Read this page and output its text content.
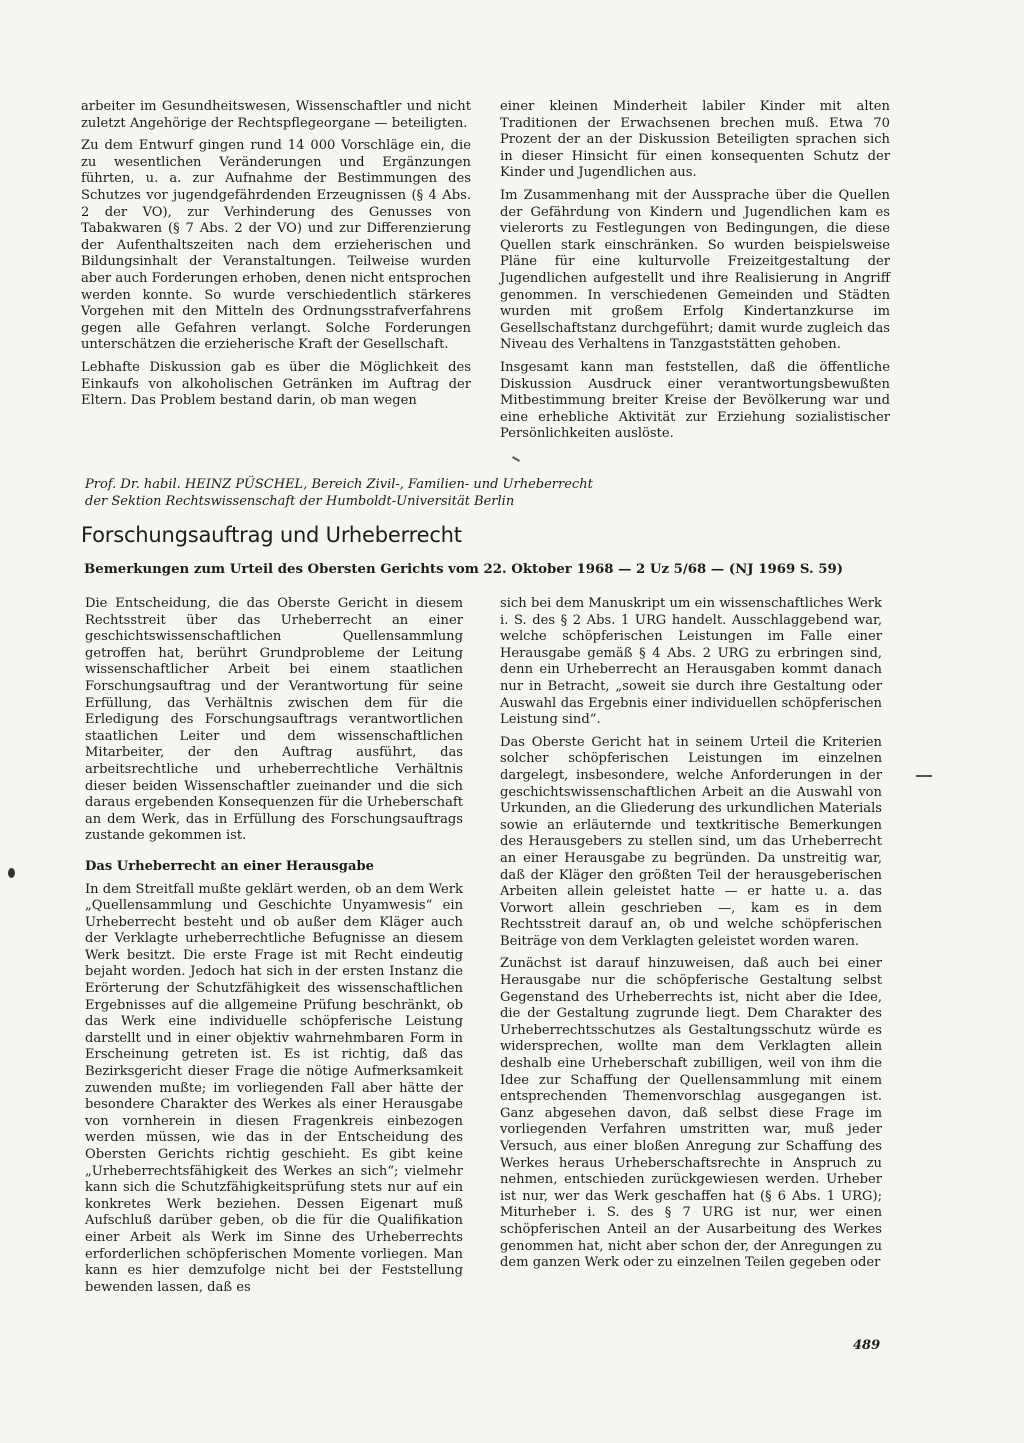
arbeiter im Gesundheitswesen, Wissenschaftler und nicht zuletzt Angehörige der Rechtspflegeorgane — beteiligten.

Zu dem Entwurf gingen rund 14 000 Vorschläge ein, die zu wesentlichen Veränderungen und Ergänzungen führten, u. a. zur Aufnahme der Bestimmungen des Schutzes vor jugendgefährdenden Erzeugnissen (§ 4 Abs. 2 der VO), zur Verhinderung des Genusses von Tabakwaren (§ 7 Abs. 2 der VO) und zur Differenzierung der Aufenthaltszeiten nach dem erzieherischen und Bildungsinhalt der Veranstaltungen. Teilweise wurden aber auch Forderungen erhoben, denen nicht entsprochen werden konnte. So wurde verschiedentlich stärkeres Vorgehen mit den Mitteln des Ordnungsstrafverfahrens gegen alle Gefahren verlangt. Solche Forderungen unterschätzen die erzieherische Kraft der Gesellschaft.

Lebhafte Diskussion gab es über die Möglichkeit des Einkaufs von alkoholischen Getränken im Auftrag der Eltern. Das Problem bestand darin, ob man wegen

einer kleinen Minderheit labiler Kinder mit alten Traditionen der Erwachsenen brechen muß. Etwa 70 Prozent der an der Diskussion Beteiligten sprachen sich in dieser Hinsicht für einen konsequenten Schutz der Kinder und Jugendlichen aus.

Im Zusammenhang mit der Aussprache über die Quellen der Gefährdung von Kindern und Jugendlichen kam es vielerorts zu Festlegungen von Bedingungen, die diese Quellen stark einschränken. So wurden beispielsweise Pläne für eine kulturvolle Freizeitgestaltung der Jugendlichen aufgestellt und ihre Realisierung in Angriff genommen. In verschiedenen Gemeinden und Städten wurden mit großem Erfolg Kindertanzkurse im Gesellschaftstanz durchgeführt; damit wurde zugleich das Niveau des Verhaltens in Tanzgaststätten gehoben.

Insgesamt kann man feststellen, daß die öffentliche Diskussion Ausdruck einer verantwortungsbewußten Mitbestimmung breiter Kreise der Bevölkerung war und eine erhebliche Aktivität zur Erziehung sozialistischer Persönlichkeiten auslöste.

Prof. Dr. habil. HEINZ PÜSCHEL, Bereich Zivil-, Familien- und Urheberrecht
der Sektion Rechtswissenschaft der Humboldt-Universität Berlin
Forschungsauftrag und Urheberrecht
Bemerkungen zum Urteil des Obersten Gerichts vom 22. Oktober 1968 — 2 Uz 5/68 — (NJ 1969 S. 59)

Die Entscheidung, die das Oberste Gericht in diesem Rechtsstreit über das Urheberrecht an einer geschichtswissenschaftlichen Quellensammlung getroffen hat, berührt Grundprobleme der Leitung wissenschaftlicher Arbeit bei einem staatlichen Forschungsauftrag und der Verantwortung für seine Erfüllung, das Verhältnis zwischen dem für die Erledigung des Forschungsauftrags verantwortlichen staatlichen Leiter und dem wissenschaftlichen Mitarbeiter, der den Auftrag ausführt, das arbeitsrechtliche und urheberrechtliche Verhältnis dieser beiden Wissenschaftler zueinander und die sich daraus ergebenden Konsequenzen für die Urheberschaft an dem Werk, das in Erfüllung des Forschungsauftrags zustande gekommen ist.

Das Urheberrecht an einer Herausgabe

In dem Streitfall mußte geklärt werden, ob an dem Werk „Quellensammlung und Geschichte Unyamwesis“ ein Urheberrecht besteht und ob außer dem Kläger auch der Verklagte urheberrechtliche Befugnisse an diesem Werk besitzt. Die erste Frage ist mit Recht eindeutig bejaht worden. Jedoch hat sich in der ersten Instanz die Erörterung der Schutzfähigkeit des wissenschaftlichen Ergebnisses auf die allgemeine Prüfung beschränkt, ob das Werk eine individuelle schöpferische Leistung darstellt und in einer objektiv wahrnehmbaren Form in Erscheinung getreten ist. Es ist richtig, daß das Bezirksgericht dieser Frage die nötige Aufmerksamkeit zuwenden mußte; im vorliegenden Fall aber hätte der besondere Charakter des Werkes als einer Herausgabe von vornherein in diesen Fragenkreis einbezogen werden müssen, wie das in der Entscheidung des Obersten Gerichts richtig geschieht. Es gibt keine „Urheberrechtsfähigkeit des Werkes an sich“; vielmehr kann sich die Schutzfähigkeitsprüfung stets nur auf ein konkretes Werk beziehen. Dessen Eigenart muß Aufschluß darüber geben, ob die für die Qualifikation einer Arbeit als Werk im Sinne des Urheberrechts erforderlichen schöpferischen Momente vorliegen. Man kann es hier demzufolge nicht bei der Feststellung bewenden lassen, daß es

sich bei dem Manuskript um ein wissenschaftliches Werk i. S. des § 2 Abs. 1 URG handelt. Ausschlaggebend war, welche schöpferischen Leistungen im Falle einer Herausgabe gemäß § 4 Abs. 2 URG zu erbringen sind, denn ein Urheberrecht an Herausgaben kommt danach nur in Betracht, „soweit sie durch ihre Gestaltung oder Auswahl das Ergebnis einer individuellen schöpferischen Leistung sind“.

Das Oberste Gericht hat in seinem Urteil die Kriterien solcher schöpferischen Leistungen im einzelnen dargelegt, insbesondere, welche Anforderungen in der geschichtswissenschaftlichen Arbeit an die Auswahl von Urkunden, an die Gliederung des urkundlichen Materials sowie an erläuternde und textkritische Bemerkungen des Herausgebers zu stellen sind, um das Urheberrecht an einer Herausgabe zu begründen. Da unstreitig war, daß der Kläger den größten Teil der herausgeberischen Arbeiten allein geleistet hatte — er hatte u. a. das Vorwort allein geschrieben —, kam es in dem Rechtsstreit darauf an, ob und welche schöpferischen Beiträge von dem Verklagten geleistet worden waren.

Zunächst ist darauf hinzuweisen, daß auch bei einer Herausgabe nur die schöpferische Gestaltung selbst Gegenstand des Urheberrechts ist, nicht aber die Idee, die der Gestaltung zugrunde liegt. Dem Charakter des Urheberrechtsschutzes als Gestaltungsschutz würde es widersprechen, wollte man dem Verklagten allein deshalb eine Urheberschaft zubilligen, weil von ihm die Idee zur Schaffung der Quellensammlung mit einem entsprechenden Themenvorschlag ausgegangen ist. Ganz abgesehen davon, daß selbst diese Frage im vorliegenden Verfahren umstritten war, muß jeder Versuch, aus einer bloßen Anregung zur Schaffung des Werkes heraus Urheberschaftsrechte in Anspruch zu nehmen, entschieden zurückgewiesen werden. Urheber ist nur, wer das Werk geschaffen hat (§ 6 Abs. 1 URG); Miturheber i. S. des § 7 URG ist nur, wer einen schöpferischen Anteil an der Ausarbeitung des Werkes genommen hat, nicht aber schon der, der Anregungen zu dem ganzen Werk oder zu einzelnen Teilen gegeben oder

489
